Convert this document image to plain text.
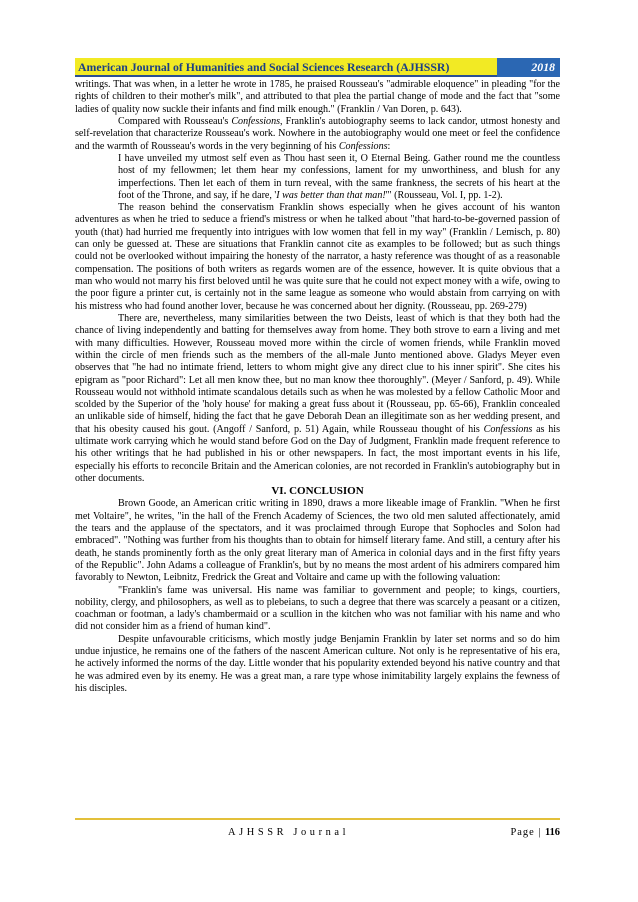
American Journal of Humanities and Social Sciences Research (AJHSSR)	2018

writings. That was when, in a letter he wrote in 1785, he praised Rousseau's "admirable eloquence" in pleading "for the rights of children to their mother's milk", and attributed to that plea the partial change of mode and the fact that "some ladies of quality now suckle their infants and find milk enough." (Franklin / Van Doren, p. 643).

Compared with Rousseau's Confessions, Franklin's autobiography seems to lack candor, utmost honesty and self-revelation that characterize Rousseau's work. Nowhere in the autobiography would one meet or feel the confidence and the warmth of Rousseau's words in the very beginning of his Confessions:

I have unveiled my utmost self even as Thou hast seen it, O Eternal Being. Gather round me the countless host of my fellowmen; let them hear my confessions, lament for my unworthiness, and blush for any imperfections. Then let each of them in turn reveal, with the same frankness, the secrets of his heart at the foot of the Throne, and say, if he dare, 'I was better than that man!'" (Rousseau, Vol. I, pp. 1-2).

The reason behind the conservatism Franklin shows especially when he gives account of his wanton adventures as when he tried to seduce a friend's mistress or when he talked about "that hard-to-be-governed passion of youth (that) had hurried me frequently into intrigues with low women that fell in my way" (Franklin / Lemisch, p. 80) can only be guessed at. These are situations that Franklin cannot cite as examples to be followed; but as such things could not be overlooked without impairing the honesty of the narrator, a hasty reference was thought of as a reasonable compensation. The positions of both writers as regards women are of the essence, however. It is quite obvious that a man who would not marry his first beloved until he was quite sure that he could not expect money with a wife, owing to the poor figure a printer cut, is certainly not in the same league as someone who would abstain from carrying on with his mistress who had found another lover, because he was concerned about her dignity. (Rousseau, pp. 269-279)

There are, nevertheless, many similarities between the two Deists, least of which is that they both had the chance of living independently and batting for themselves away from home. They both strove to earn a living and met with many difficulties. However, Rousseau moved more within the circle of women friends, while Franklin moved within the circle of men friends such as the members of the all-male Junto mentioned above. Gladys Meyer even observes that "he had no intimate friend, letters to whom might give any direct clue to his inner spirit". She cites his epigram as "poor Richard": Let all men know thee, but no man know thee thoroughly". (Meyer / Sanford, p. 49). While Rousseau would not withhold intimate scandalous details such as when he was molested by a fellow Catholic Moor and scolded by the Superior of the 'holy house' for making a great fuss about it (Rousseau, pp. 65-66), Franklin concealed an unlikable side of himself, hiding the fact that he gave Deborah Dean an illegitimate son as her wedding present, and that his obesity caused his gout. (Angoff / Sanford, p. 51) Again, while Rousseau thought of his Confessions as his ultimate work carrying which he would stand before God on the Day of Judgment, Franklin made frequent reference to his other writings that he had published in his or other newspapers. In fact, the most important events in his life, especially his efforts to reconcile Britain and the American colonies, are not recorded in Franklin's autobiography but in other documents.

VI. CONCLUSION

Brown Goode, an American critic writing in 1890, draws a more likeable image of Franklin. "When he first met Voltaire", he writes, "in the hall of the French Academy of Sciences, the two old men saluted affectionately, amid the tears and the applause of the spectators, and it was proclaimed through Europe that Sophocles and Solon had embraced". "Nothing was further from his thoughts than to obtain for himself literary fame. And still, a century after his death, he stands prominently forth as the only great literary man of America in colonial days and in the first fifty years of the Republic". John Adams a colleague of Franklin's, but by no means the most ardent of his admirers compared him favorably to Newton, Leibnitz, Fredrick the Great and Voltaire and came up with the following valuation:

"Franklin's fame was universal. His name was familiar to government and people; to kings, courtiers, nobility, clergy, and philosophers, as well as to plebeians, to such a degree that there was scarcely a peasant or a citizen, coachman or footman, a lady's chambermaid or a scullion in the kitchen who was not familiar with his name and who did not consider him as a friend of human kind".

Despite unfavourable criticisms, which mostly judge Benjamin Franklin by later set norms and so do him undue injustice, he remains one of the fathers of the nascent American culture. Not only is he representative of his era, he actively informed the norms of the day. Little wonder that his popularity extended beyond his native country and that he was admired even by its enemy. He was a great man, a rare type whose inimitability largely explains the fewness of his disciples.

AJHSSR Journal	Page | 116
